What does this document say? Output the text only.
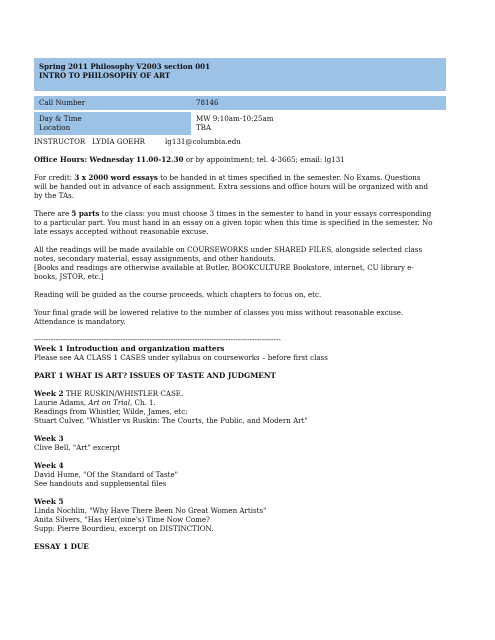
Spring 2011 Philosophy V2003 section 001
INTRO TO PHILOSOPHY OF ART
Call Number	78146
Day & Time
Location
MW 9:10am-10:25am
TBA

INSTRUCTOR LYDIA GOEHR	lg131@columbia.edu

Office Hours: Wednesday 11.00-12.30 or by appointment; tel. 4-3665; email: lg131

For credit: 3 x 2000 word essays to be handed in at times specified in the semester. No Exams. Questions

will be handed out in advance of each assignment. Extra sessions and office hours will be organized with and

by the TAs.

There are 5 parts to the class: you must choose 3 times in the semester to hand in your essays corresponding

to a particular part. You must hand in an essay on a given topic when this time is specified in the semester. No

late essays accepted without reasonable excuse.

All the readings will be made available on COURSEWORKS under SHARED FILES, alongside selected class

notes, secondary material, essay assignments, and other handouts.

[Books and readings are otherwise available at Butler, BOOKCULTURE Bookstore, internet, CU library e-

books, JSTOR, etc.]

Reading will be guided as the course proceeds, which chapters to focus on, etc.

Your final grade will be lowered relative to the number of classes you miss without reasonable excuse.

Attendance is mandatory.

-------------------------------------------------------------------------------------------------------

Week 1 Introduction and organization matters

Please see AA CLASS 1 CASES under syllabus on courseworks – before first class

PART 1 WHAT IS ART? ISSUES OF TASTE AND JUDGMENT

Week 2 THE RUSKIN/WHISTLER CASE.

Laurie Adams, Art on Trial, Ch. 1.

Readings from Whistler, Wilde, James, etc;

Stuart Culver, "Whistler vs Ruskin: The Courts, the Public, and Modern Art"

Week 3

Clive Bell, "Art" excerpt

Week 4

David Hume, "Of the Standard of Taste"

See handouts and supplemental files

Week 5

Linda Nochlin, "Why Have There Been No Great Women Artists"

Anita Silvers, "Has Her(oine's) Time Now Come?

Supp: Pierre Bourdieu, excerpt on DISTINCTION.

ESSAY 1 DUE
